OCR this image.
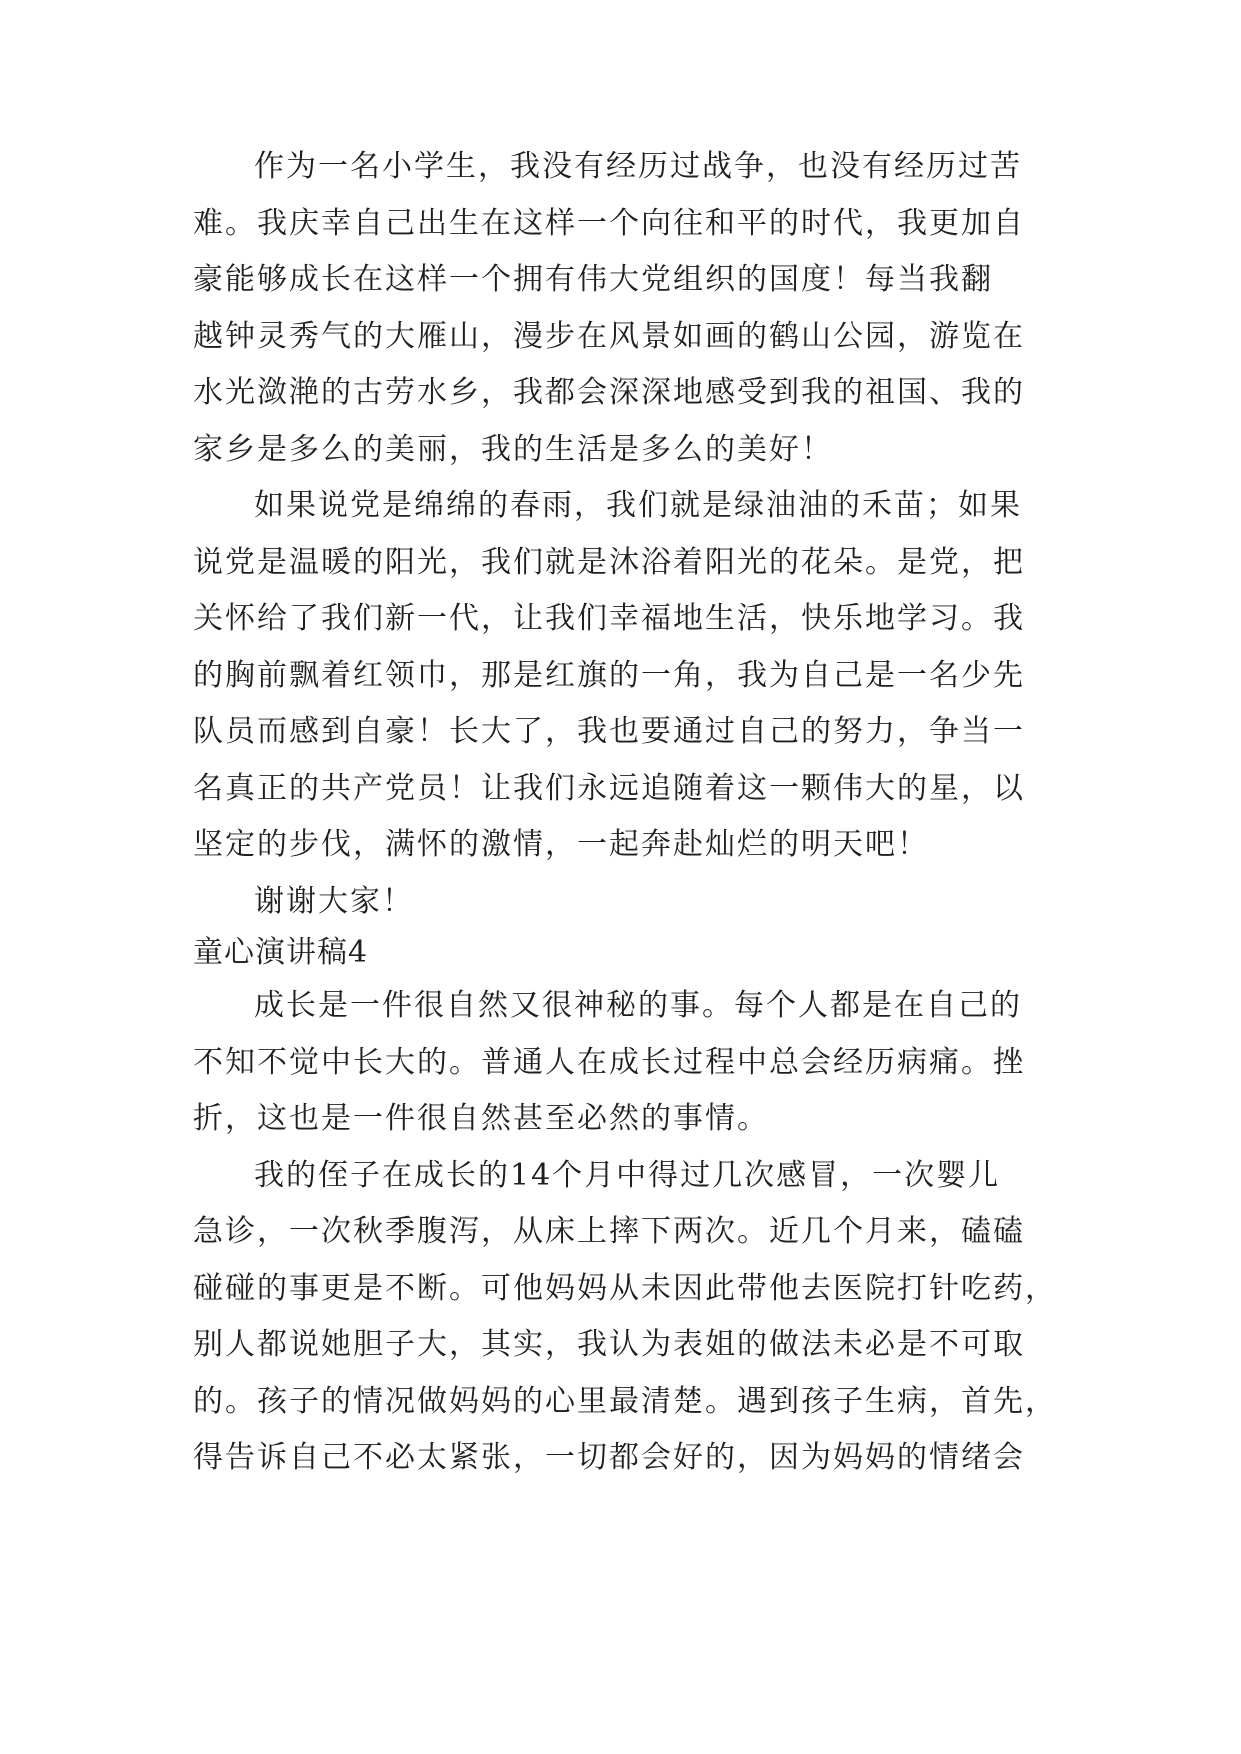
作为一名小学生，我没有经历过战争，也没有经历过苦

难。我庆幸自己出生在这样一个向往和平的时代，我更加自

豪能够成长在这样一个拥有伟大党组织的国度！每当我翻

越钟灵秀气的大雁山，漫步在风景如画的鹤山公园，游览在

水光潋滟的古劳水乡，我都会深深地感受到我的祖国、我的

家乡是多么的美丽，我的生活是多么的美好！

如果说党是绵绵的春雨，我们就是绿油油的禾苗；如果

说党是温暖的阳光，我们就是沐浴着阳光的花朵。是党，把

关怀给了我们新一代，让我们幸福地生活，快乐地学习。我

的胸前飘着红领巾，那是红旗的一角，我为自己是一名少先

队员而感到自豪！长大了，我也要通过自己的努力，争当一

名真正的共产党员！让我们永远追随着这一颗伟大的星，以

坚定的步伐，满怀的激情，一起奔赴灿烂的明天吧！

谢谢大家！

童心演讲稿4

成长是一件很自然又很神秘的事。每个人都是在自己的

不知不觉中长大的。普通人在成长过程中总会经历病痛。挫

折，这也是一件很自然甚至必然的事情。

我的侄子在成长的14个月中得过几次感冒，一次婴儿

急诊，一次秋季腹泻，从床上摔下两次。近几个月来，磕磕

碰碰的事更是不断。可他妈妈从未因此带他去医院打针吃药，

别人都说她胆子大，其实，我认为表姐的做法未必是不可取

的。孩子的情况做妈妈的心里最清楚。遇到孩子生病，首先，

得告诉自己不必太紧张，一切都会好的，因为妈妈的情绪会
